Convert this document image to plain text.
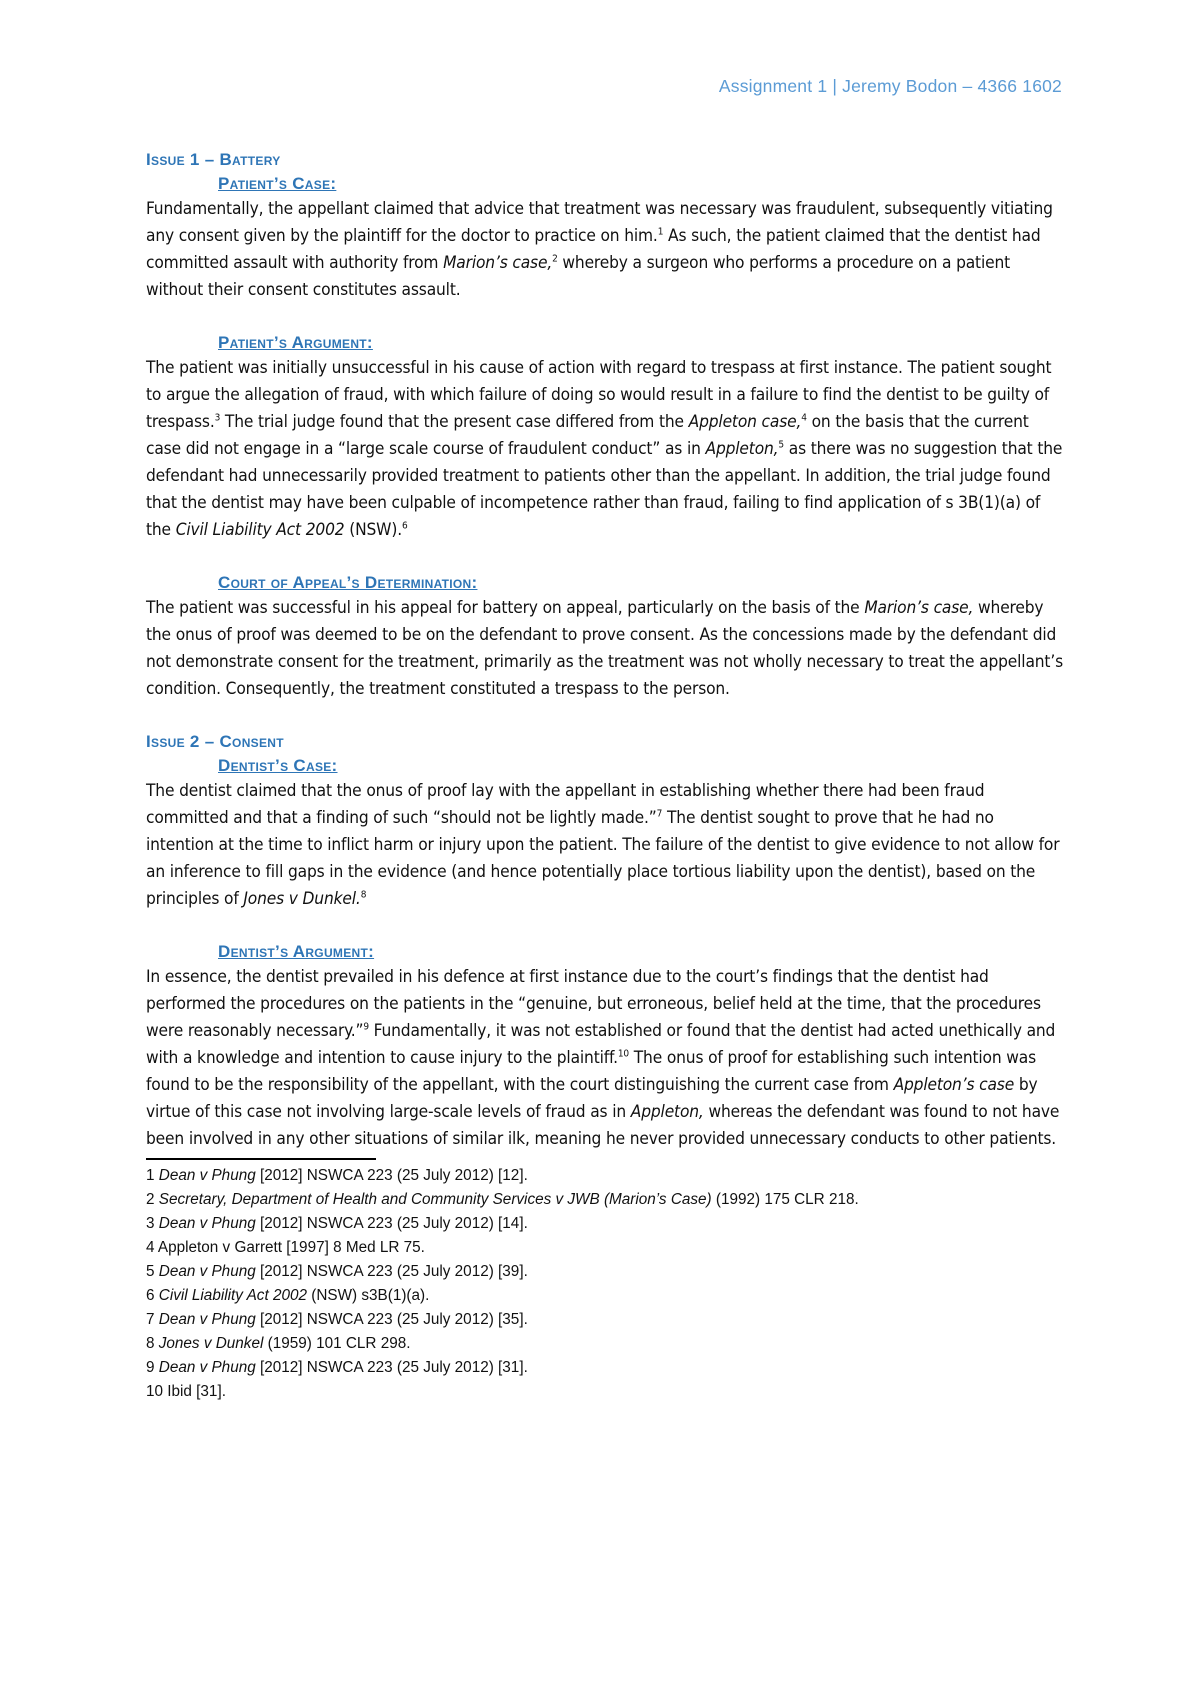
Assignment 1 | Jeremy Bodon – 4366 1602
Issue 1 – Battery
Patient’s Case:

Fundamentally, the appellant claimed that advice that treatment was necessary was fraudulent, subsequently vitiating any consent given by the plaintiff for the doctor to practice on him.$^1$ As such, the patient claimed that the dentist had committed assault with authority from Marion’s case,$^2$ whereby a surgeon who performs a procedure on a patient without their consent constitutes assault.

Patient’s Argument:

The patient was initially unsuccessful in his cause of action with regard to trespass at first instance. The patient sought to argue the allegation of fraud, with which failure of doing so would result in a failure to find the dentist to be guilty of trespass.$^3$ The trial judge found that the present case differed from the Appleton case,$^4$ on the basis that the current case did not engage in a “large scale course of fraudulent conduct” as in Appleton,$^5$ as there was no suggestion that the defendant had unnecessarily provided treatment to patients other than the appellant. In addition, the trial judge found that the dentist may have been culpable of incompetence rather than fraud, failing to find application of s 3B(1)(a) of the Civil Liability Act 2002 (NSW).$^6$

Court of Appeal’s Determination:

The patient was successful in his appeal for battery on appeal, particularly on the basis of the Marion’s case, whereby the onus of proof was deemed to be on the defendant to prove consent. As the concessions made by the defendant did not demonstrate consent for the treatment, primarily as the treatment was not wholly necessary to treat the appellant’s condition. Consequently, the treatment constituted a trespass to the person.

Issue 2 – Consent
Dentist’s Case:

The dentist claimed that the onus of proof lay with the appellant in establishing whether there had been fraud committed and that a finding of such “should not be lightly made.”$^7$ The dentist sought to prove that he had no intention at the time to inflict harm or injury upon the patient. The failure of the dentist to give evidence to not allow for an inference to fill gaps in the evidence (and hence potentially place tortious liability upon the dentist), based on the principles of Jones v Dunkel.$^8$

Dentist’s Argument:

In essence, the dentist prevailed in his defence at first instance due to the court’s findings that the dentist had performed the procedures on the patients in the “genuine, but erroneous, belief held at the time, that the procedures were reasonably necessary.”$^9$ Fundamentally, it was not established or found that the dentist had acted unethically and with a knowledge and intention to cause injury to the plaintiff.$^{10}$ The onus of proof for establishing such intention was found to be the responsibility of the appellant, with the court distinguishing the current case from Appleton’s case by virtue of this case not involving large-scale levels of fraud as in Appleton, whereas the defendant was found to not have been involved in any other situations of similar ilk, meaning he never provided unnecessary conducts to other patients.

1 Dean v Phung [2012] NSWCA 223 (25 July 2012) [12].

2 Secretary, Department of Health and Community Services v JWB (Marion’s Case) (1992) 175 CLR 218.

3 Dean v Phung [2012] NSWCA 223 (25 July 2012) [14].

4 Appleton v Garrett [1997] 8 Med LR 75.

5 Dean v Phung [2012] NSWCA 223 (25 July 2012) [39].

6 Civil Liability Act 2002 (NSW) s3B(1)(a).

7 Dean v Phung [2012] NSWCA 223 (25 July 2012) [35].

8 Jones v Dunkel (1959) 101 CLR 298.

9 Dean v Phung [2012] NSWCA 223 (25 July 2012) [31].

10 Ibid [31].
